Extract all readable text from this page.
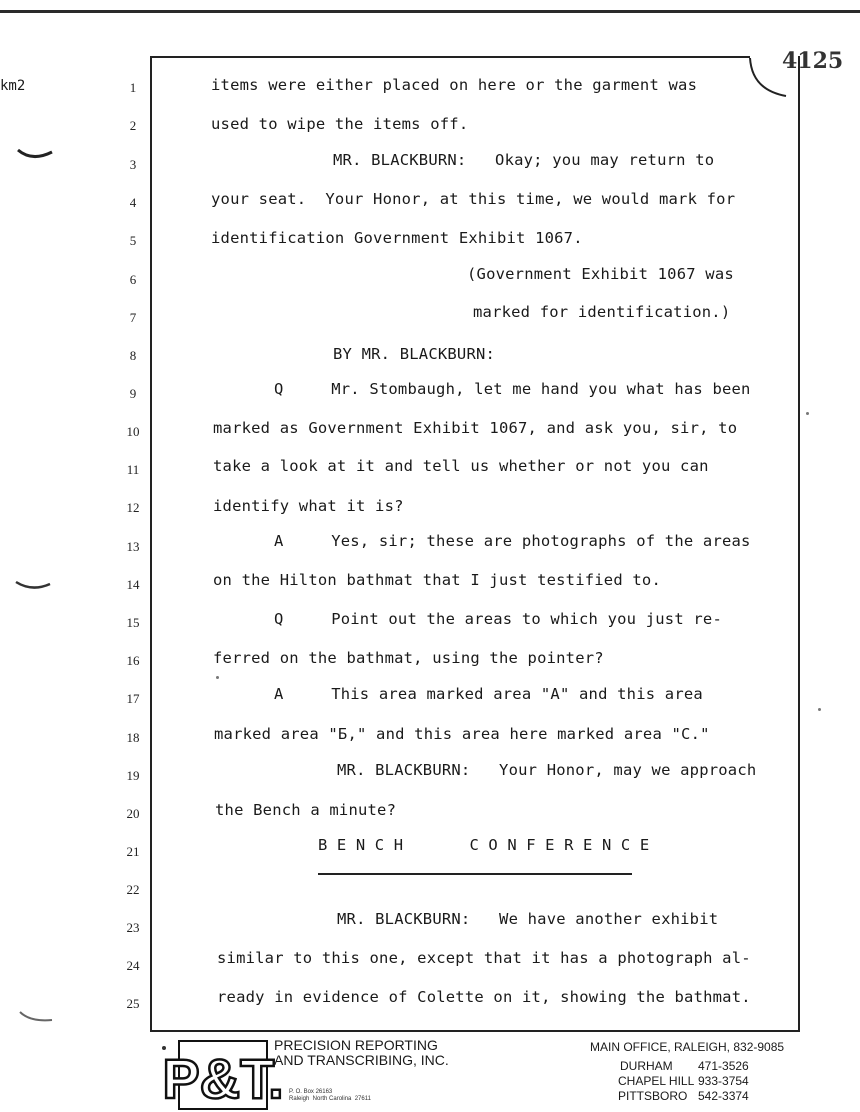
km2
4125
1
2
3
4
5
6
7
8
9
10
11
12
13
14
15
16
17
18
19
20
21
22
23
24
25
items were either placed on here or the garment was
used to wipe the items off.
MR. BLACKBURN:   Okay; you may return to
your seat.  Your Honor, at this time, we would mark for
identification Government Exhibit 1067.
(Government Exhibit 1067 was
marked for identification.)
BY MR. BLACKBURN:
Q     Mr. Stombaugh, let me hand you what has been
marked as Government Exhibit 1067, and ask you, sir, to
take a look at it and tell us whether or not you can
identify what it is?
A     Yes, sir; these are photographs of the areas
on the Hilton bathmat that I just testified to.
Q     Point out the areas to which you just re-
ferred on the bathmat, using the pointer?
A     This area marked area "A" and this area
marked area "Б," and this area here marked area "C."
MR. BLACKBURN:   Your Honor, may we approach
the Bench a minute?
BENCH   CONFERENCE
MR. BLACKBURN:   We have another exhibit
similar to this one, except that it has a photograph al-
ready in evidence of Colette on it, showing the bathmat.
P&T.
PRECISION REPORTING
AND TRANSCRIBING, INC.
P. O. Box 26163
Raleigh  North Carolina  27611
MAIN OFFICE, RALEIGH, 832-9085
DURHAM 471-3526
CHAPEL HILL 933-3754
PITTSBORO 542-3374
